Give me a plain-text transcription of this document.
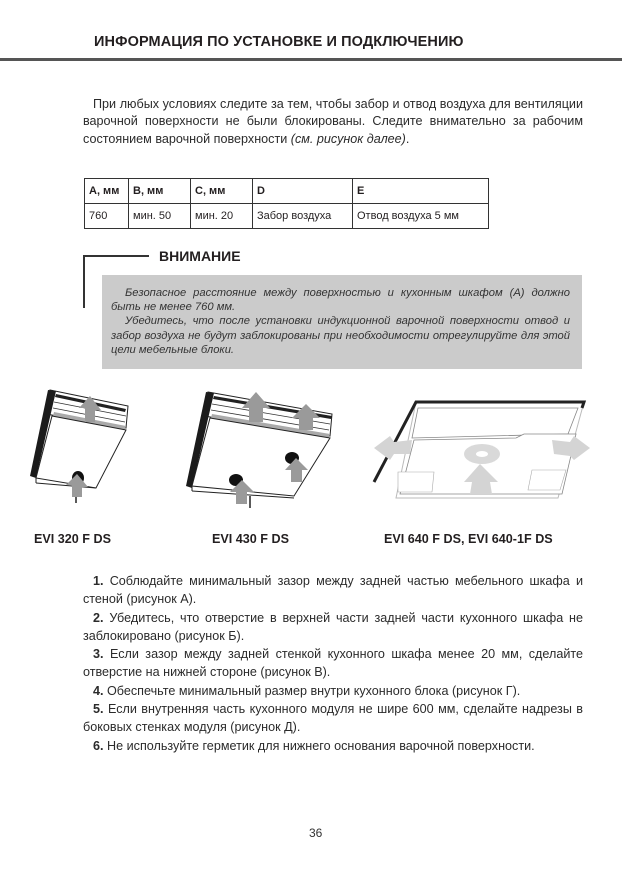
ИНФОРМАЦИЯ ПО УСТАНОВКЕ И ПОДКЛЮЧЕНИЮ

При любых условиях следите за тем, чтобы забор и отвод воздуха для вентиляции варочной поверхности не были блокированы. Следите внимательно за рабочим состоянием варочной поверхности (см. рисунок далее).

A, мм	B, мм	C, мм	D	E
760	мин. 50	мин. 20	Забор воздуха	Отвод воздуха 5 мм
ВНИМАНИЕ
Безопасное расстояние между поверхностью и кухонным шкафом (A) должно быть не менее 760 мм.
Убедитесь, что после установки индукционной варочной поверхности отвод и забор воздуха не будут заблокированы при необходимости отрегулируйте для этой цели мебельные блоки.
EVI 320 F DS	EVI 430 F DS	EVI 640 F DS, EVI 640-1F DS
1. Соблюдайте минимальный зазор между задней частью мебельного шкафа и стеной (рисунок A).
2. Убедитесь, что отверстие в верхней части задней части кухонного шкафа не заблокировано (рисунок Б).
3. Если зазор между задней стенкой кухонного шкафа менее 20 мм, сделайте отверстие на нижней стороне (рисунок B).
4. Обеспечьте минимальный размер внутри кухонного блока (рисунок Г).
5. Если внутренняя часть кухонного модуля не шире 600 мм, сделайте надрезы в боковых стенках модуля (рисунок Д).
6. Не используйте герметик для нижнего основания варочной поверхности.
36
